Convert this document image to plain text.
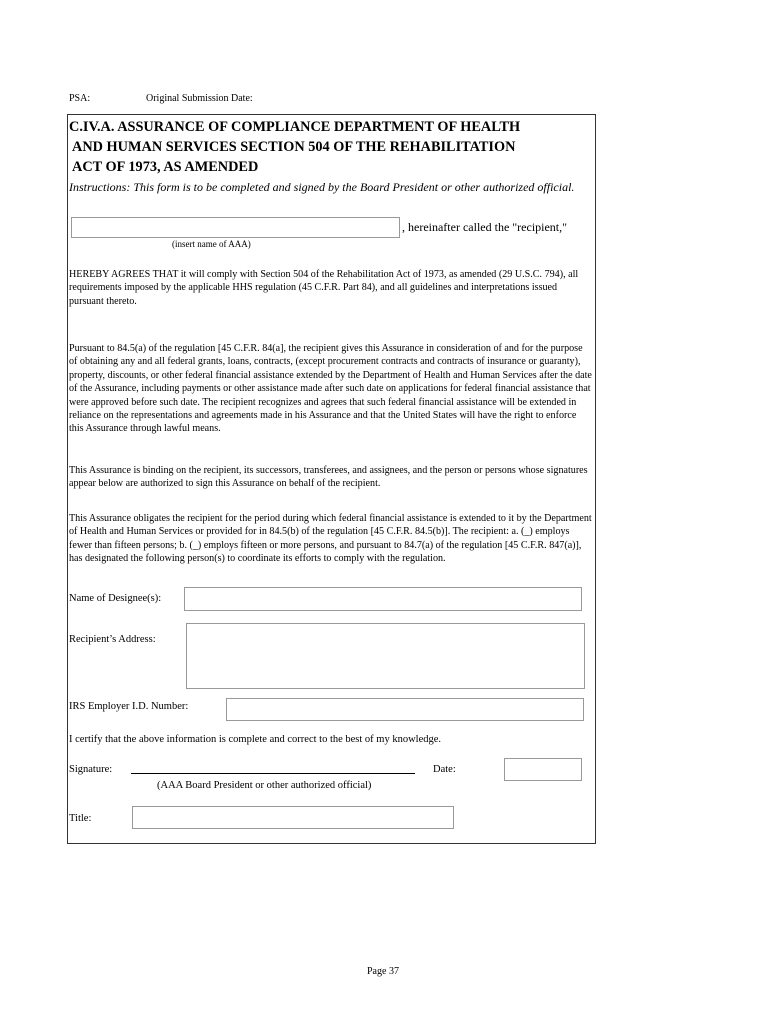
PSA:	Original Submission Date:
C.IV.A. ASSURANCE OF COMPLIANCE DEPARTMENT OF HEALTH
AND HUMAN SERVICES SECTION 504 OF THE REHABILITATION
ACT OF 1973, AS AMENDED
Instructions: This form is to be completed and signed by the Board President or other authorized official.
, hereinafter called the "recipient,"
(insert name of AAA)
HEREBY AGREES THAT it will comply with Section 504 of the Rehabilitation Act of 1973, as amended (29 U.S.C. 794), all requirements imposed by the applicable HHS regulation (45 C.F.R. Part 84), and all guidelines and interpretations issued pursuant thereto.
Pursuant to 84.5(a) of the regulation [45 C.F.R. 84(a], the recipient gives this Assurance in consideration of and for the purpose of obtaining any and all federal grants, loans, contracts, (except procurement contracts and contracts of insurance or guaranty), property, discounts, or other federal financial assistance extended by the Department of Health and Human Services after the date of the Assurance, including payments or other assistance made after such date on applications for federal financial assistance that were approved before such date. The recipient recognizes and agrees that such federal financial assistance will be extended in reliance on the representations and agreements made in his Assurance and that the United States will have the right to enforce this Assurance through lawful means.
This Assurance is binding on the recipient, its successors, transferees, and assignees, and the person or persons whose signatures appear below are authorized to sign this Assurance on behalf of the recipient.
This Assurance obligates the recipient for the period during which federal financial assistance is extended to it by the Department of Health and Human Services or provided for in 84.5(b) of the regulation [45 C.F.R. 84.5(b)]. The recipient: a. (_) employs fewer than fifteen persons; b. (_) employs fifteen or more persons, and pursuant to 84.7(a) of the regulation [45 C.F.R. 847(a)], has designated the following person(s) to coordinate its efforts to comply with the regulation.
Name of Designee(s):
Recipient’s Address:
IRS Employer I.D. Number:
I certify that the above information is complete and correct to the best of my knowledge.
Signature:	Date:
(AAA Board President or other authorized official)
Title:
Page 37
